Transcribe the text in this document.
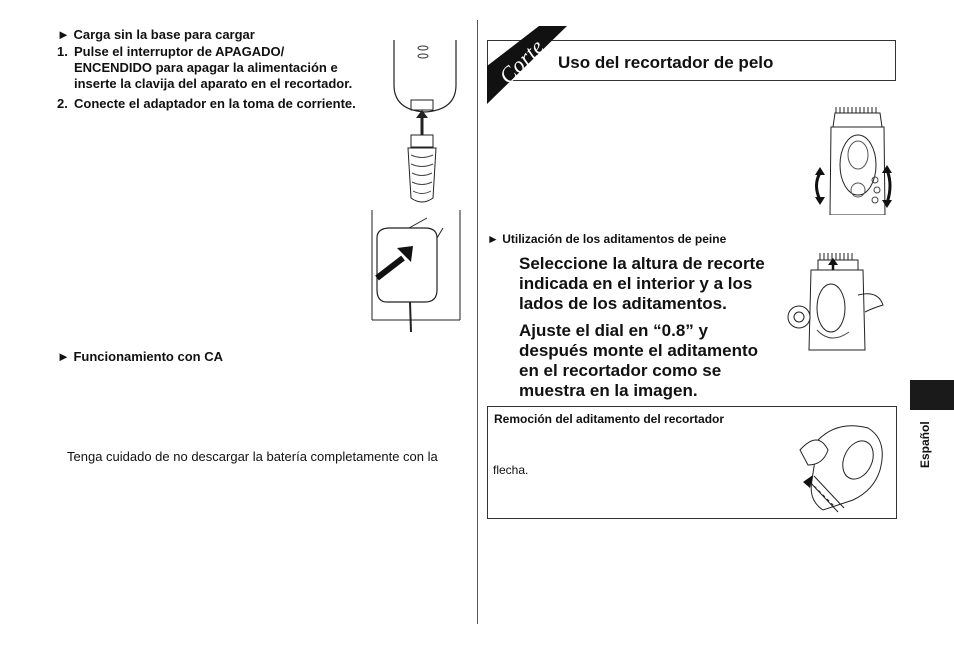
► Carga sin la base para cargar
1. Pulse el interruptor de APAGADO/ ENCENDIDO para apagar la alimentación e inserte la clavija del aparato en el recortador.
2. Conecte el adaptador en la toma de corriente.
► Funcionamiento con CA
Tenga cuidado de no descargar la batería completamente con la
Corte Uso del recortador de pelo
► Utilización de los aditamentos de peine
Seleccione la altura de recorte indicada en el interior y a los lados de los aditamentos.
Ajuste el dial en “0.8” y después monte el aditamento en el recortador como se muestra en la imagen.
Remoción del aditamento del recortador
flecha.
Español
